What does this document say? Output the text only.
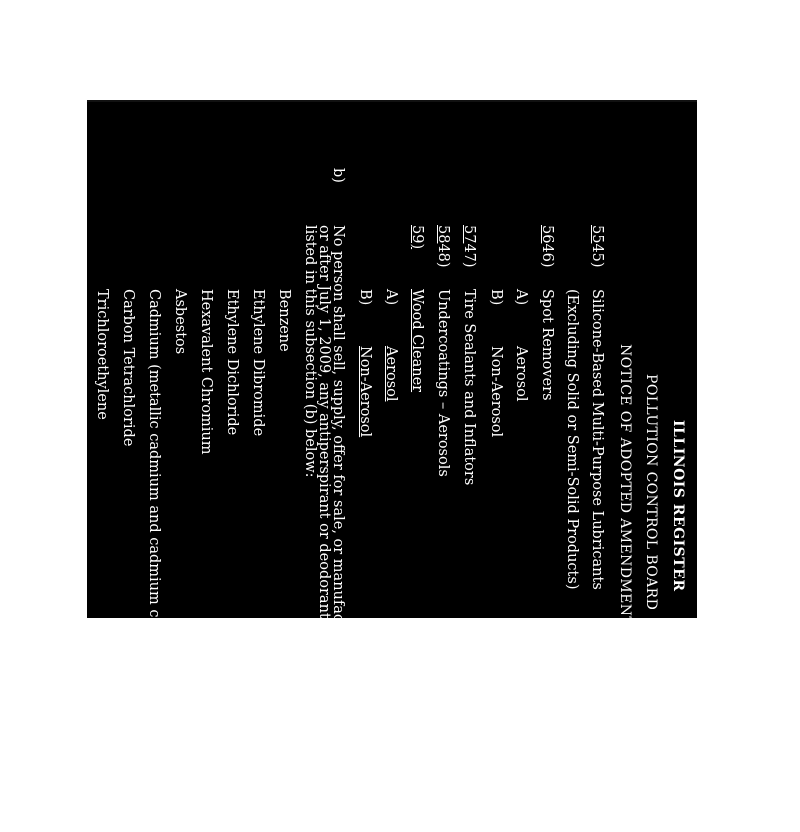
ILLINOIS REGISTER
POLLUTION CONTROL BOARD
NOTICE OF ADOPTED AMENDMENTS
5545)
Silicone-Based Multi-Purpose Lubricants
(Excluding Solid or Semi-Solid Products)
5646)
Spot Removers
A)
Aerosol
B)
Non-Aerosol
5747)
Tire Sealants and Inflators
5848)
Undercoatings – Aerosols
59)
Wood Cleaner
A)
Aerosol
B)
Non-Aerosol
b)
No person shall sell, supply, offer for sale, or manufacture for sale in Illinois on
or after July 1, 2009, any antiperspirant or deodorant that contains any compound
listed in this subsection (b) below:
Benzene
Ethylene Dibromide
Ethylene Dichloride
Hexavalent Chromium
Asbestos
Cadmium (metallic cadmium and cadmium compounds)
Carbon Tetrachloride
Trichloroethylene
Chloroform
